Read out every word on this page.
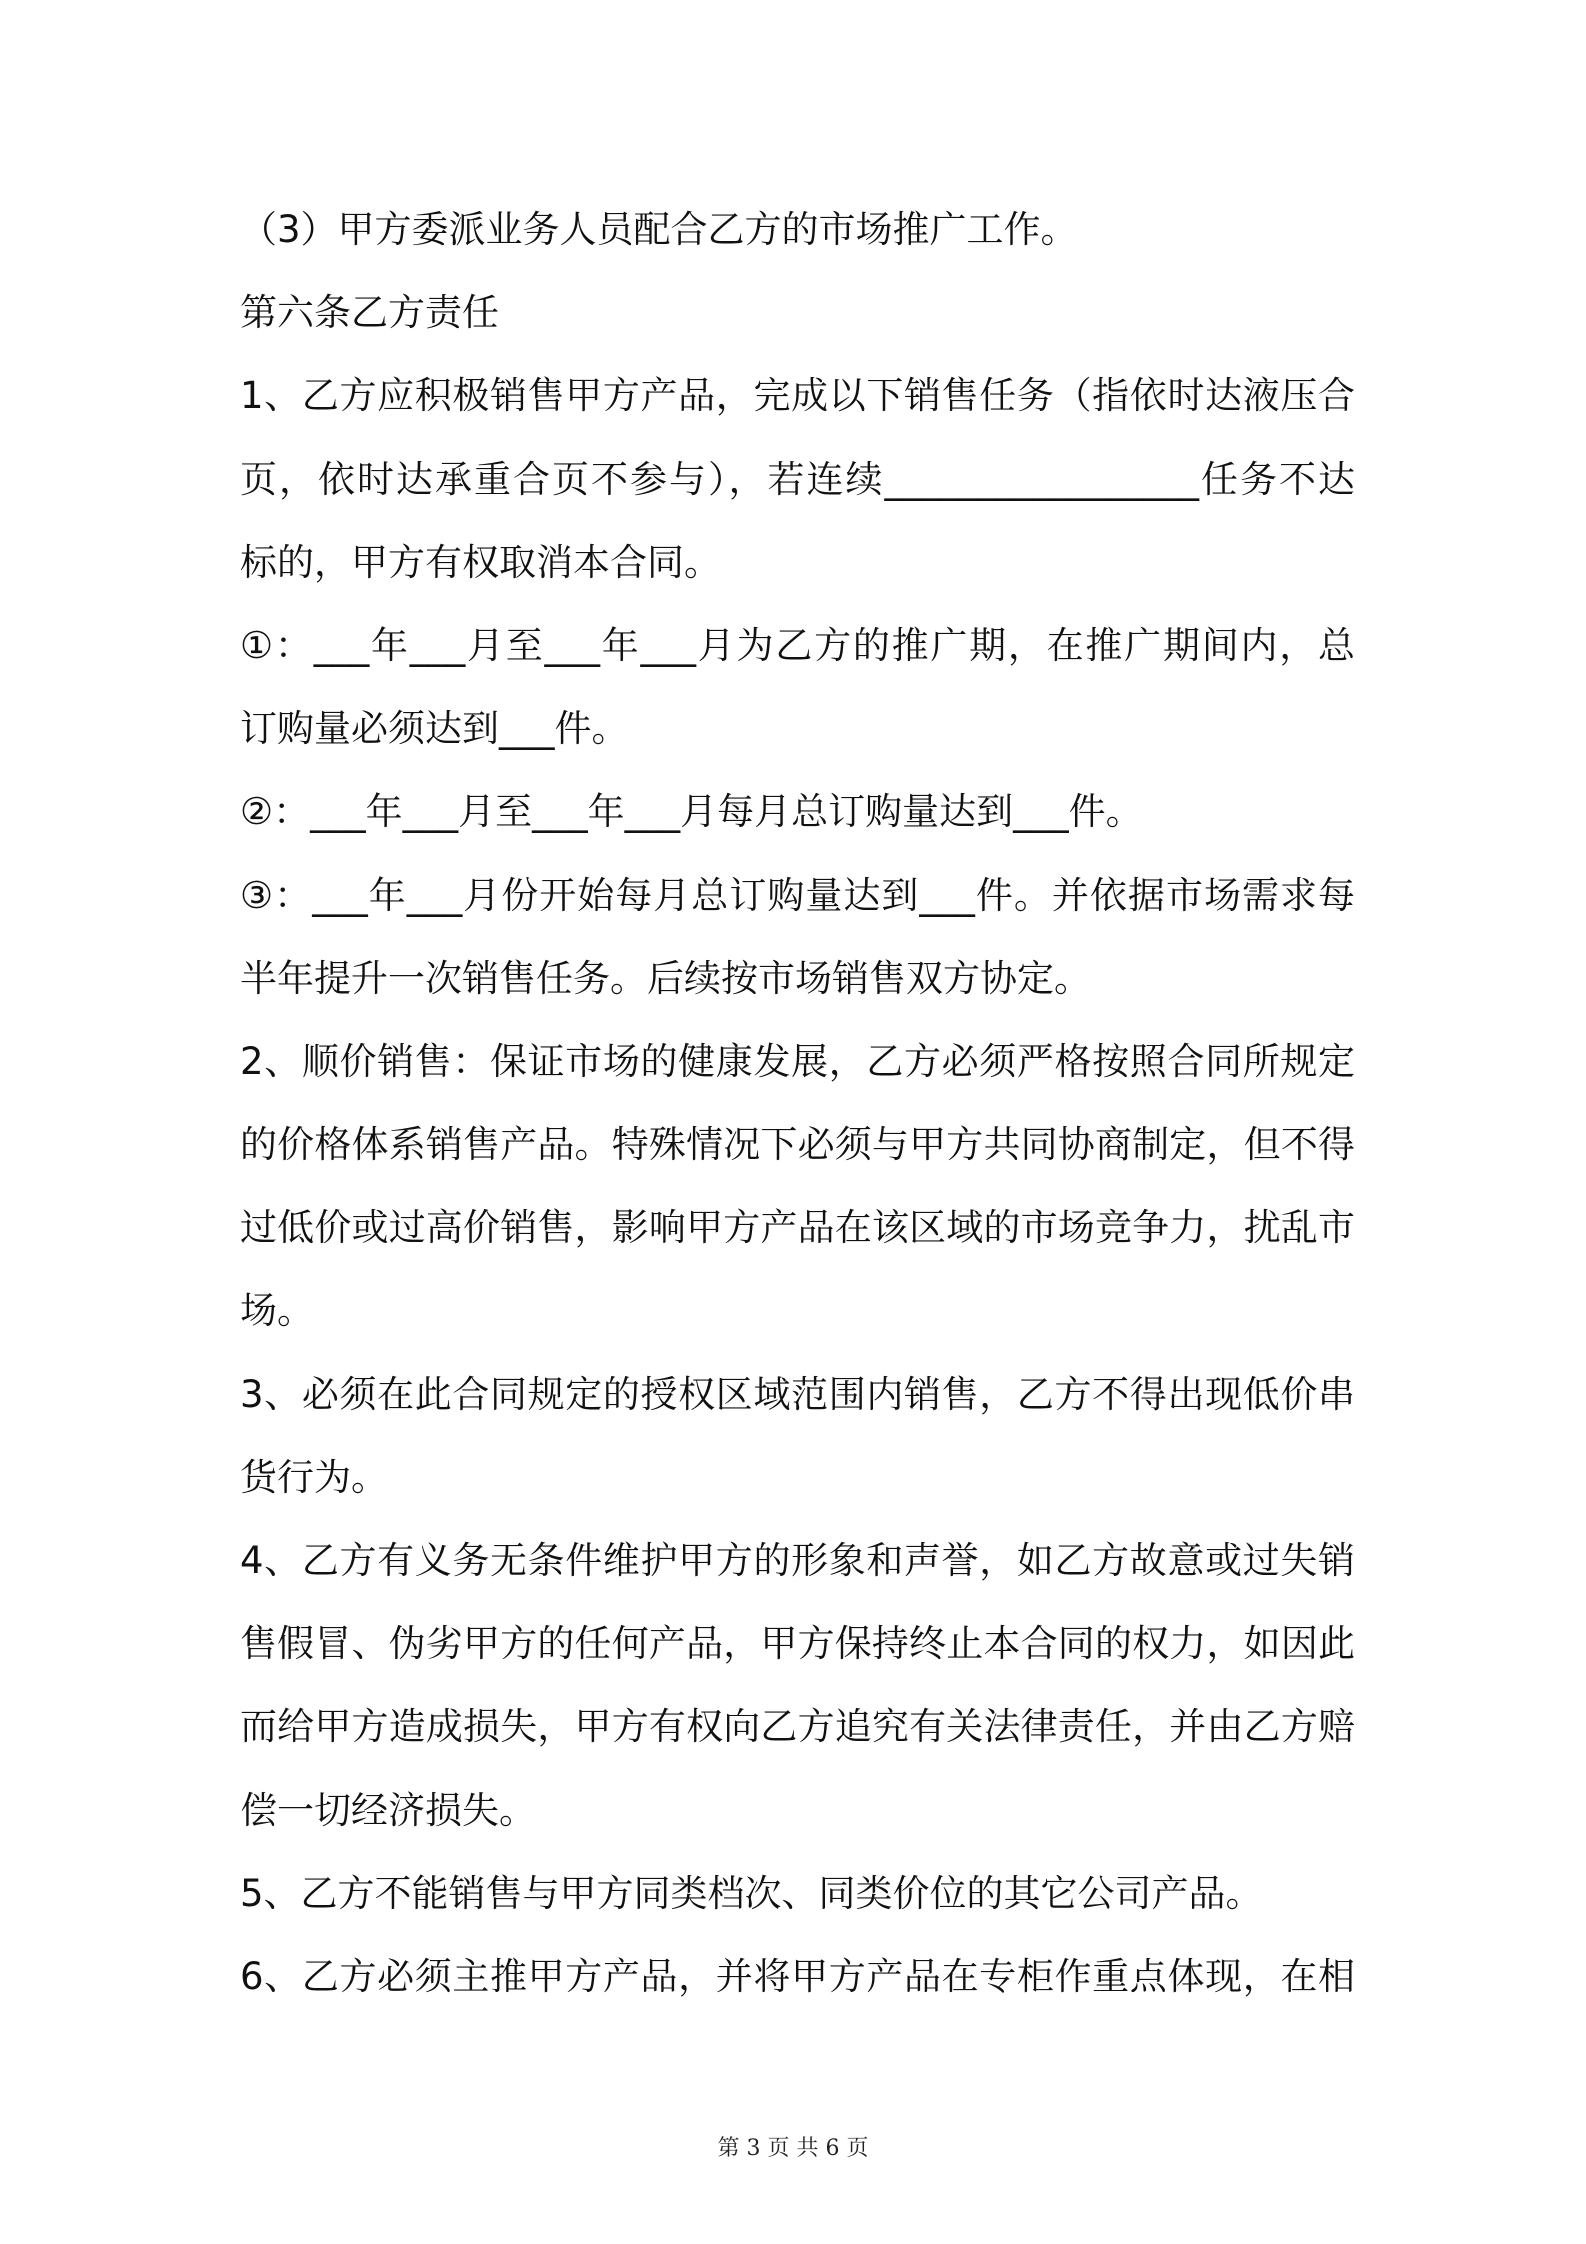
（3）甲方委派业务人员配合乙方的市场推广工作。
第六条乙方责任
1、乙方应积极销售甲方产品，完成以下销售任务（指依时达液压合
页，依时达承重合页不参与），若连续_________________任务不达
标的，甲方有权取消本合同。
①：___年___月至___年___月为乙方的推广期，在推广期间内，总
订购量必须达到___件。
②：___年___月至___年___月每月总订购量达到___件。
③：___年___月份开始每月总订购量达到___件。并依据市场需求每
半年提升一次销售任务。后续按市场销售双方协定。
2、顺价销售：保证市场的健康发展，乙方必须严格按照合同所规定
的价格体系销售产品。特殊情况下必须与甲方共同协商制定，但不得
过低价或过高价销售，影响甲方产品在该区域的市场竞争力，扰乱市
场。
3、必须在此合同规定的授权区域范围内销售，乙方不得出现低价串
货行为。
4、乙方有义务无条件维护甲方的形象和声誉，如乙方故意或过失销
售假冒、伪劣甲方的任何产品，甲方保持终止本合同的权力，如因此
而给甲方造成损失，甲方有权向乙方追究有关法律责任，并由乙方赔
偿一切经济损失。
5、乙方不能销售与甲方同类档次、同类价位的其它公司产品。
6、乙方必须主推甲方产品，并将甲方产品在专柜作重点体现，在相
第 3 页 共 6 页
